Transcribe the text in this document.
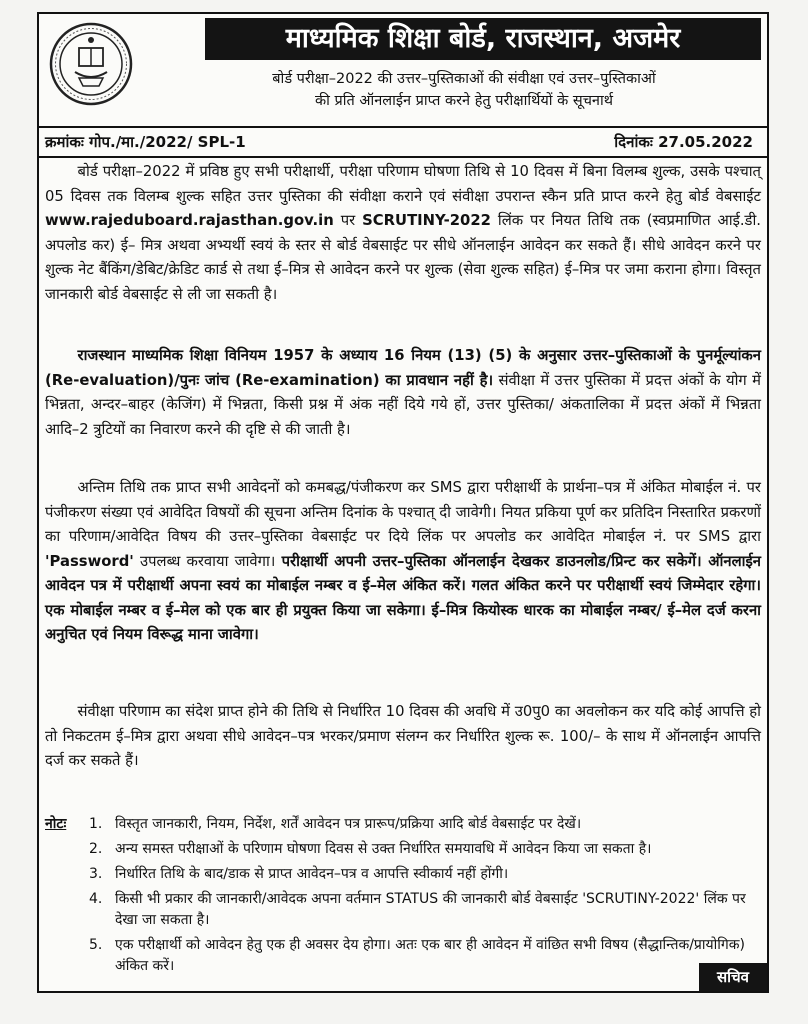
माध्यमिक शिक्षा बोर्ड, राजस्थान, अजमेर
बोर्ड परीक्षा–2022 की उत्तर–पुस्तिकाओं की संवीक्षा एवं उत्तर–पुस्तिकाओं
की प्रति ऑनलाईन प्राप्त करने हेतु परीक्षार्थियों के सूचनार्थ
क्रमांकः गोप./मा./2022/ SPL-1	दिनांकः 27.05.2022
बोर्ड परीक्षा–2022 में प्रविष्ठ हुए सभी परीक्षार्थी, परीक्षा परिणाम घोषणा तिथि से 10 दिवस में बिना विलम्ब शुल्क, उसके पश्चात् 05 दिवस तक विलम्ब शुल्क सहित उत्तर पुस्तिका की संवीक्षा कराने एवं संवीक्षा उपरान्त स्कैन प्रति प्राप्त करने हेतु बोर्ड वेबसाईट www.rajeduboard.rajasthan.gov.in पर SCRUTINY-2022 लिंक पर नियत तिथि तक (स्वप्रमाणित आई.डी. अपलोड कर) ई– मित्र अथवा अभ्यर्थी स्वयं के स्तर से बोर्ड वेबसाईट पर सीधे ऑनलाईन आवेदन कर सकते हैं। सीधे आवेदन करने पर शुल्क नेट बैंकिंग/डेबिट/क्रेडिट कार्ड से तथा ई–मित्र से आवेदन करने पर शुल्क (सेवा शुल्क सहित) ई–मित्र पर जमा कराना होगा। विस्तृत जानकारी बोर्ड वेबसाईट से ली जा सकती है।
राजस्थान माध्यमिक शिक्षा विनियम 1957 के अध्याय 16 नियम (13) (5) के अनुसार उत्तर–पुस्तिकाओं के पुनर्मूल्यांकन (Re-evaluation)/पुनः जांच (Re-examination) का प्रावधान नहीं है। संवीक्षा में उत्तर पुस्तिका में प्रदत्त अंकों के योग में भिन्नता, अन्दर–बाहर (केजिंग) में भिन्नता, किसी प्रश्न में अंक नहीं दिये गये हों, उत्तर पुस्तिका/ अंकतालिका में प्रदत्त अंकों में भिन्नता आदि–2 त्रुटियों का निवारण करने की दृष्टि से की जाती है।
अन्तिम तिथि तक प्राप्त सभी आवेदनों को कमबद्ध/पंजीकरण कर SMS द्वारा परीक्षार्थी के प्रार्थना–पत्र में अंकित मोबाईल नं. पर पंजीकरण संख्या एवं आवेदित विषयों की सूचना अन्तिम दिनांक के पश्चात् दी जावेगी। नियत प्रकिया पूर्ण कर प्रतिदिन निस्तारित प्रकरणों का परिणाम/आवेदित विषय की उत्तर–पुस्तिका वेबसाईट पर दिये लिंक पर अपलोड कर आवेदित मोबाईल नं. पर SMS द्वारा 'Password' उपलब्ध करवाया जावेगा। परीक्षार्थी अपनी उत्तर–पुस्तिका ऑनलाईन देखकर डाउनलोड/प्रिन्ट कर सकेगें। ऑनलाईन आवेदन पत्र में परीक्षार्थी अपना स्वयं का मोबाईल नम्बर व ई–मेल अंकित करें। गलत अंकित करने पर परीक्षार्थी स्वयं जिम्मेदार रहेगा। एक मोबाईल नम्बर व ई–मेल को एक बार ही प्रयुक्त किया जा सकेगा। ई–मित्र कियोस्क धारक का मोबाईल नम्बर/ ई–मेल दर्ज करना अनुचित एवं नियम विरूद्ध माना जावेगा।
संवीक्षा परिणाम का संदेश प्राप्त होने की तिथि से निर्धारित 10 दिवस की अवधि में उ0पु0 का अवलोकन कर यदि कोई आपत्ति हो तो निकटतम ई–मित्र द्वारा अथवा सीधे आवेदन–पत्र भरकर/प्रमाण संलग्न कर निर्धारित शुल्क रू. 100/– के साथ में ऑनलाईन आपत्ति दर्ज कर सकते हैं।
नोटः 1. विस्तृत जानकारी, नियम, निर्देश, शर्तें आवेदन पत्र प्रारूप/प्रक्रिया आदि बोर्ड वेबसाईट पर देखें।
2. अन्य समस्त परीक्षाओं के परिणाम घोषणा दिवस से उक्त निर्धारित समयावधि में आवेदन किया जा सकता है।
3. निर्धारित तिथि के बाद/डाक से प्राप्त आवेदन–पत्र व आपत्ति स्वीकार्य नहीं होंगी।
4. किसी भी प्रकार की जानकारी/आवेदक अपना वर्तमान STATUS की जानकारी बोर्ड वेबसाईट 'SCRUTINY-2022' लिंक पर देखा जा सकता है।
5. एक परीक्षार्थी को आवेदन हेतु एक ही अवसर देय होगा। अतः एक बार ही आवेदन में वांछित सभी विषय (सैद्धान्तिक/प्रायोगिक) अंकित करें।
सचिव
